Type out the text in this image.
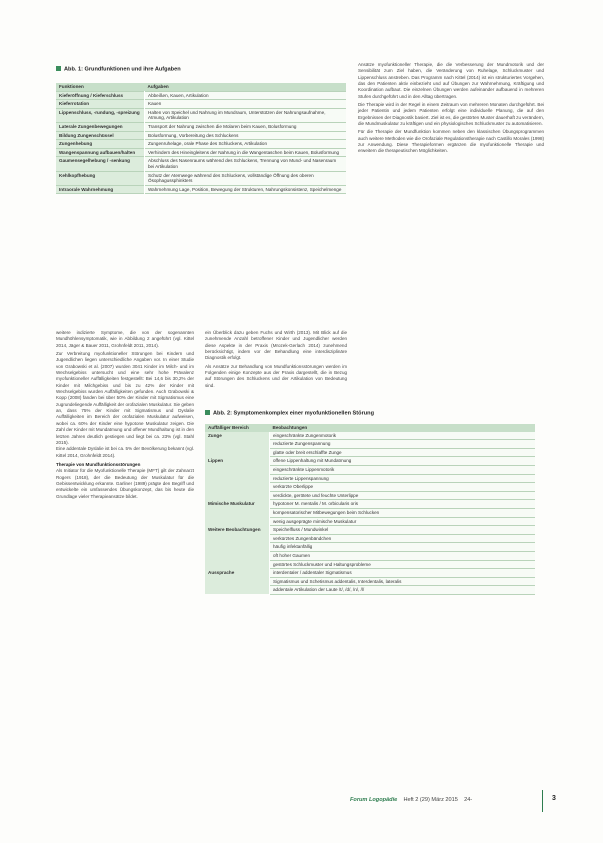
Abb. 1: Grundfunktionen und ihre Aufgaben
Funktionen	Aufgaben
Kieferöffnung / Kieferschluss	Abbeißen, Kauen, Artikulation
Kieferrotation	Kauen
Lippenschluss, -rundung, -spreizung	Halten von Speichel und Nahrung im Mundraum, Unterstützen der Nahrungsaufnahme, Atmung, Artikulation
Laterale Zungenbewegungen	Transport der Nahrung zwischen die Molaren beim Kauen, Bolusformung
Bildung Zungenschüssel	Bolusformung, Vorbereitung des Schluckens
Zungenhebung	Zungenruhelage, orale Phase des Schluckens, Artikulation
Wangenspannung aufbauen/halten	Verhindern des Hineingleitens der Nahrung in die Wangentaschen beim Kauen, Bolusformung
Gaumensegelhebung / -senkung	Abschluss des Nasenraums während des Schluckens, Trennung von Mund- und Nasenraum bei Artikulation
Kehlkopfhebung	Schutz der Atemwege während des Schluckens, vollständige Öffnung des oberen Ösophagussphinkters
Intraorale Wahrnehmung	Wahrnehmung Lage, Position, Bewegung der Strukturen, Nahrungskonsistenz, Speichelmenge

Ansätze myofunktioneller Therapie, die die Verbesserung der Mundmotorik und der Sensibilität zum Ziel haben, die Veränderung von Ruhelage, Schluckmuster und Lippenschluss anstreben. Das Programm nach Kittel (2014) ist ein strukturiertes Vorgehen, das den Patienten aktiv einbezieht und auf Übungen zur Wahrnehmung, Kräftigung und Koordination aufbaut. Die einzelnen Übungen werden aufeinander aufbauend in mehreren Stufen durchgeführt und in den Alltag übertragen.

Die Therapie wird in der Regel in einem Zeitraum von mehreren Monaten durchgeführt. Bei jeder Patientin und jedem Patienten erfolgt eine individuelle Planung, die auf den Ergebnissen der Diagnostik basiert. Ziel ist es, die gestörten Muster dauerhaft zu verändern, die Mundmuskulatur zu kräftigen und ein physiologisches Schluckmuster zu automatisieren.

Für die Therapie der Mundfunktion kommen neben den klassischen Übungsprogrammen auch weitere Methoden wie die Orofaziale Regulationstherapie nach Castillo Morales (1998) zur Anwendung. Diese Therapieformen ergänzen die myofunktionelle Therapie und erweitern die therapeutischen Möglichkeiten.

weitere indizierte Symptome, die von der sogenannten Mundhöhlensymptomatik, wie in Abbildung 2 angeführt (vgl. Kittel 2014, Jäger & Bauer 2011, Grohnfeldt 2011, 2014).

Zur Verbreitung myofunktioneller Störungen bei Kindern und Jugendlichen liegen unterschiedliche Angaben vor. In einer Studie von Grabowski et al. (2007) wurden 3041 Kinder im Milch- und im Wechselgebiss untersucht und eine sehr hohe Prävalenz myofunktioneller Auffälligkeiten festgestellt: Bei 14,6 bis 30,2% der Kinder mit Milchgebiss und bis zu 42% der Kinder mit Wechselgebiss wurden Auffälligkeiten gefunden. Auch Grabowski & Kopp (2008) fanden bei über 50% der Kinder mit Sigmatismus eine zugrundeliegende Auffälligkeit der orofazialen Muskulatur. Sie geben an, dass 75% der Kinder mit Sigmatismus und Dyslalie Auffälligkeiten im Bereich der orofazialen Muskulatur aufweisen, wobei ca. 60% der Kinder eine hypotone Muskulatur zeigen. Die Zahl der Kinder mit Mundatmung und offener Mundhaltung ist in den letzten Jahren deutlich gestiegen und liegt bei ca. 23% (vgl. Stahl 2015).

Eine addentale Dyslalie ist bei ca. 5% der Bevölkerung bekannt (vgl. Kittel 2014, Grohnfeldt 2014).

Therapie von Mundfunktionsstörungen

Als Initiator für die Myofunktionelle Therapie (MFT) gilt der Zahnarzt Rogers (1918), der die Bedeutung der Muskulatur für die Gebissentwicklung erkannte. Garliner (1989) prägte den Begriff und entwickelte ein umfassendes Übungskonzept, das bis heute die Grundlage vieler Therapieansätze bildet.

ein Überblick dazu geben Fuchs und Wirth (2013). Mit Blick auf die zunehmende Anzahl betroffener Kinder und Jugendlicher werden diese Aspekte in der Praxis (Mrozek-Gerlach 2014) zunehmend berücksichtigt, indem vor der Behandlung eine interdisziplinäre Diagnostik erfolgt.

Als Ansätze zur Behandlung von Mundfunktionsstörungen werden im Folgenden einige Konzepte aus der Praxis dargestellt, die in Bezug auf Störungen des Schluckens und der Artikulation von Bedeutung sind.

Abb. 2: Symptomenkomplex einer myofunktionellen Störung
Auffälliger Bereich	Beobachtungen
Zunge	eingeschränkte Zungenmotorik
	reduzierte Zungenspannung
	glatte oder breit erschlaffte Zunge
Lippen	offene Lippenhaltung mit Mundatmung
	eingeschränkte Lippenmotorik
	reduzierte Lippenspannung
	verkürzte Oberlippe
	verdickte, gerötete und feuchte Unterlippe
Mimische Muskulatur	hypotoner M. mentalis / M. orbicularis oris
	kompensatorischer Mitbewegungen beim Schlucken
	wenig ausgeprägte mimische Muskulatur
Weitere Beobachtungen	Speichelfluss / Mundwinkel
	verkürztes Zungenbändchen
	häufig infektanfällig
	oft hoher Gaumen
	gestörtes Schluckmuster und Haltungsprobleme
Aussprache	interdentaler / addentaler Sigmatismus
	Sigmatismus und Schetismus addentalis, Interdentalis, lateralis
	addentale Artikulation der Laute /t/, /d/, /n/, /l/
Forum Logopädie Heft 2 (29) März 2015 24-	3
